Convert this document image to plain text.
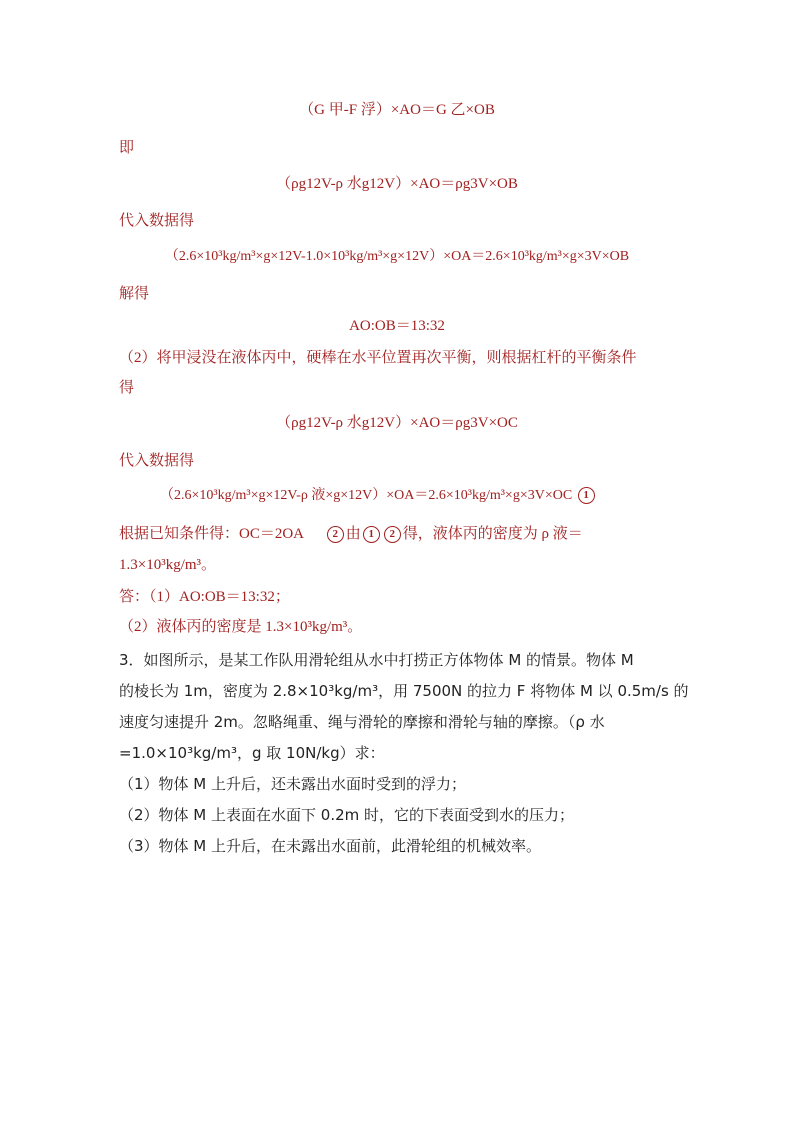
（G 甲-F 浮）×AO＝G 乙×OB
即
（ρg12V-ρ 水g12V）×AO＝ρg3V×OB
代入数据得
（2.6×10³kg/m³×g×12V-1.0×10³kg/m³×g×12V）×OA＝2.6×10³kg/m³×g×3V×OB
解得
AO:OB＝13:32
（2）将甲浸没在液体丙中，硬棒在水平位置再次平衡，则根据杠杆的平衡条件
得
（ρg12V-ρ 水g12V）×AO＝ρg3V×OC
代入数据得
（2.6×10³kg/m³×g×12V-ρ 液×g×12V）×OA＝2.6×10³kg/m³×g×3V×OC 1
根据已知条件得：OC＝2OA	2 由 1 2 得，液体丙的密度为 ρ 液＝
1.3×10³kg/m³。
答：（1）AO:OB＝13:32；
（2）液体丙的密度是 1.3×10³kg/m³。
3．如图所示，是某工作队用滑轮组从水中打捞正方体物体 M 的情景。物体 M
的棱长为 1m，密度为 2.8×10³kg/m³，用 7500N 的拉力 F 将物体 M 以 0.5m/s 的
速度匀速提升 2m。忽略绳重、绳与滑轮的摩擦和滑轮与轴的摩擦。（ρ 水
=1.0×10³kg/m³，g 取 10N/kg）求：
（1）物体 M 上升后，还未露出水面时受到的浮力；
（2）物体 M 上表面在水面下 0.2m 时，它的下表面受到水的压力；
（3）物体 M 上升后，在未露出水面前，此滑轮组的机械效率。
